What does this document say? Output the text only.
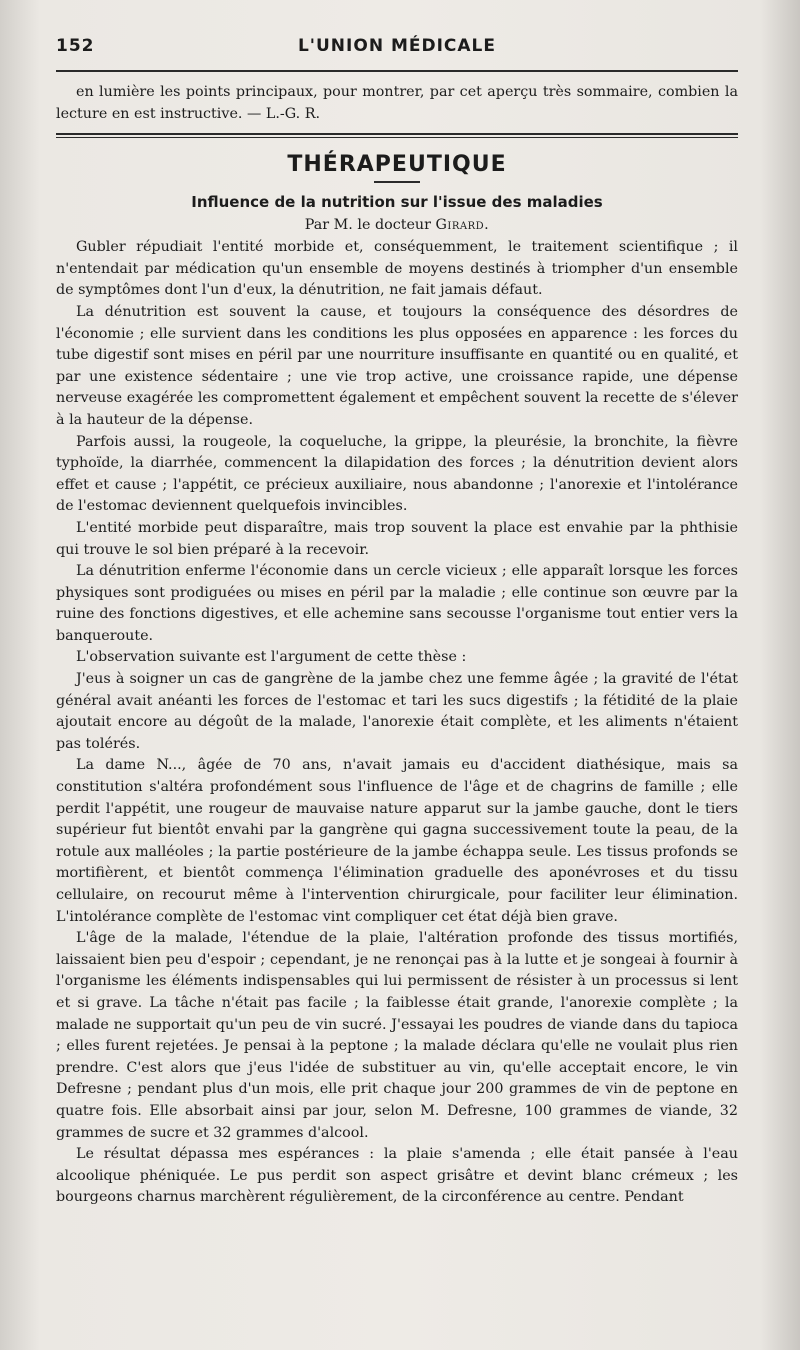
152	L'UNION MÉDICALE

en lumière les points principaux, pour montrer, par cet aperçu très sommaire, combien la lecture en est instructive. — L.-G. R.

THÉRAPEUTIQUE
Influence de la nutrition sur l'issue des maladies
Par M. le docteur Girard.

Gubler répudiait l'entité morbide et, conséquemment, le traitement scientifique ; il n'entendait par médication qu'un ensemble de moyens destinés à triompher d'un ensemble de symptômes dont l'un d'eux, la dénutrition, ne fait jamais défaut.

La dénutrition est souvent la cause, et toujours la conséquence des désordres de l'économie ; elle survient dans les conditions les plus opposées en apparence : les forces du tube digestif sont mises en péril par une nourriture insuffisante en quantité ou en qualité, et par une existence sédentaire ; une vie trop active, une croissance rapide, une dépense nerveuse exagérée les compromettent également et empêchent souvent la recette de s'élever à la hauteur de la dépense.

Parfois aussi, la rougeole, la coqueluche, la grippe, la pleurésie, la bronchite, la fièvre typhoïde, la diarrhée, commencent la dilapidation des forces ; la dénutrition devient alors effet et cause ; l'appétit, ce précieux auxiliaire, nous abandonne ; l'anorexie et l'intolérance de l'estomac deviennent quelquefois invincibles.

L'entité morbide peut disparaître, mais trop souvent la place est envahie par la phthisie qui trouve le sol bien préparé à la recevoir.

La dénutrition enferme l'économie dans un cercle vicieux ; elle apparaît lorsque les forces physiques sont prodiguées ou mises en péril par la maladie ; elle continue son œuvre par la ruine des fonctions digestives, et elle achemine sans secousse l'organisme tout entier vers la banqueroute.

L'observation suivante est l'argument de cette thèse :

J'eus à soigner un cas de gangrène de la jambe chez une femme âgée ; la gravité de l'état général avait anéanti les forces de l'estomac et tari les sucs digestifs ; la fétidité de la plaie ajoutait encore au dégoût de la malade, l'anorexie était complète, et les aliments n'étaient pas tolérés.

La dame N..., âgée de 70 ans, n'avait jamais eu d'accident diathésique, mais sa constitution s'altéra profondément sous l'influence de l'âge et de chagrins de famille ; elle perdit l'appétit, une rougeur de mauvaise nature apparut sur la jambe gauche, dont le tiers supérieur fut bientôt envahi par la gangrène qui gagna successivement toute la peau, de la rotule aux malléoles ; la partie postérieure de la jambe échappa seule. Les tissus profonds se mortifièrent, et bientôt commença l'élimination graduelle des aponévroses et du tissu cellulaire, on recourut même à l'intervention chirurgicale, pour faciliter leur élimination. L'intolérance complète de l'estomac vint compliquer cet état déjà bien grave.

L'âge de la malade, l'étendue de la plaie, l'altération profonde des tissus mortifiés, laissaient bien peu d'espoir ; cependant, je ne renonçai pas à la lutte et je songeai à fournir à l'organisme les éléments indispensables qui lui permissent de résister à un processus si lent et si grave. La tâche n'était pas facile ; la faiblesse était grande, l'anorexie complète ; la malade ne supportait qu'un peu de vin sucré. J'essayai les poudres de viande dans du tapioca ; elles furent rejetées. Je pensai à la peptone ; la malade déclara qu'elle ne voulait plus rien prendre. C'est alors que j'eus l'idée de substituer au vin, qu'elle acceptait encore, le vin Defresne ; pendant plus d'un mois, elle prit chaque jour 200 grammes de vin de peptone en quatre fois. Elle absorbait ainsi par jour, selon M. Defresne, 100 grammes de viande, 32 grammes de sucre et 32 grammes d'alcool.

Le résultat dépassa mes espérances : la plaie s'amenda ; elle était pansée à l'eau alcoolique phéniquée. Le pus perdit son aspect grisâtre et devint blanc crémeux ; les bourgeons charnus marchèrent régulièrement, de la circonférence au centre. Pendant
